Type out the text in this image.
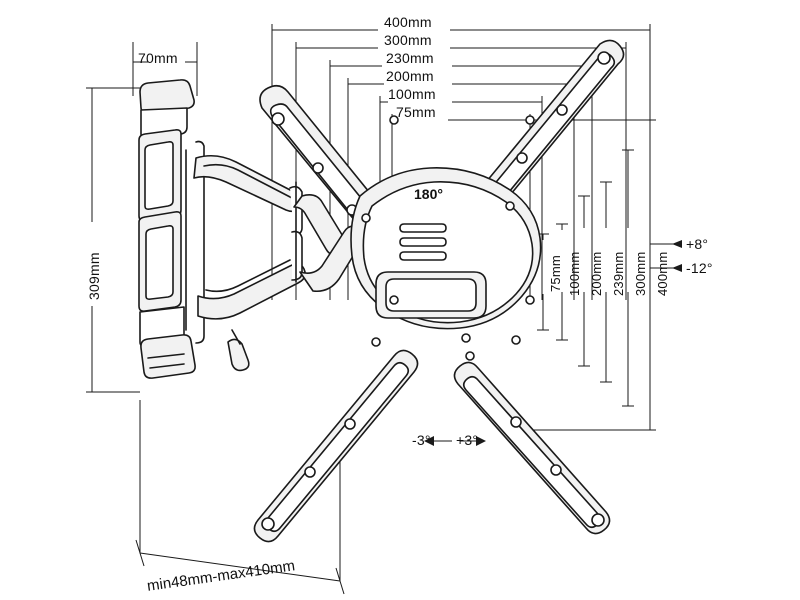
400mm
300mm
230mm
200mm
100mm
75mm
75mm 100mm 200mm 239mm 300mm 400mm
70mm
309mm
180°
+8°
-12°
-3° +3°
min48mm-max410mm
